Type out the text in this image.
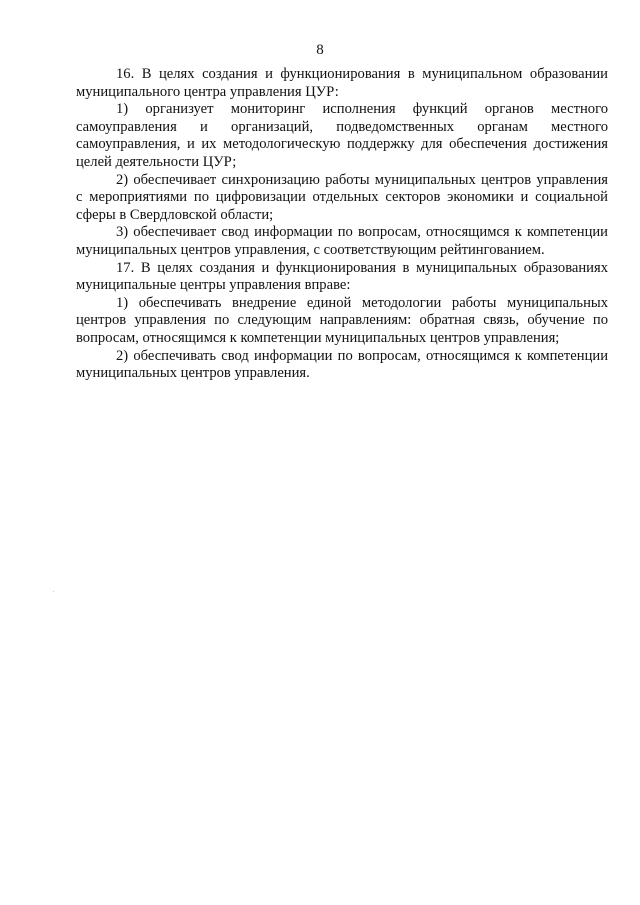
8

16. В целях создания и функционирования в муниципальном образовании муниципального центра управления ЦУР:

1) организует мониторинг исполнения функций органов местного самоуправления и организаций, подведомственных органам местного самоуправления, и их методологическую поддержку для обеспечения достижения целей деятельности ЦУР;

2) обеспечивает синхронизацию работы муниципальных центров управления с мероприятиями по цифровизации отдельных секторов экономики и социальной сферы в Свердловской области;

3) обеспечивает свод информации по вопросам, относящимся к компетенции муниципальных центров управления, с соответствующим рейтингованием.

17. В целях создания и функционирования в муниципальных образованиях муниципальные центры управления вправе:

1) обеспечивать внедрение единой методологии работы муниципальных центров управления по следующим направлениям: обратная связь, обучение по вопросам, относящимся к компетенции муниципальных центров управления;

2) обеспечивать свод информации по вопросам, относящимся к компетенции муниципальных центров управления.
